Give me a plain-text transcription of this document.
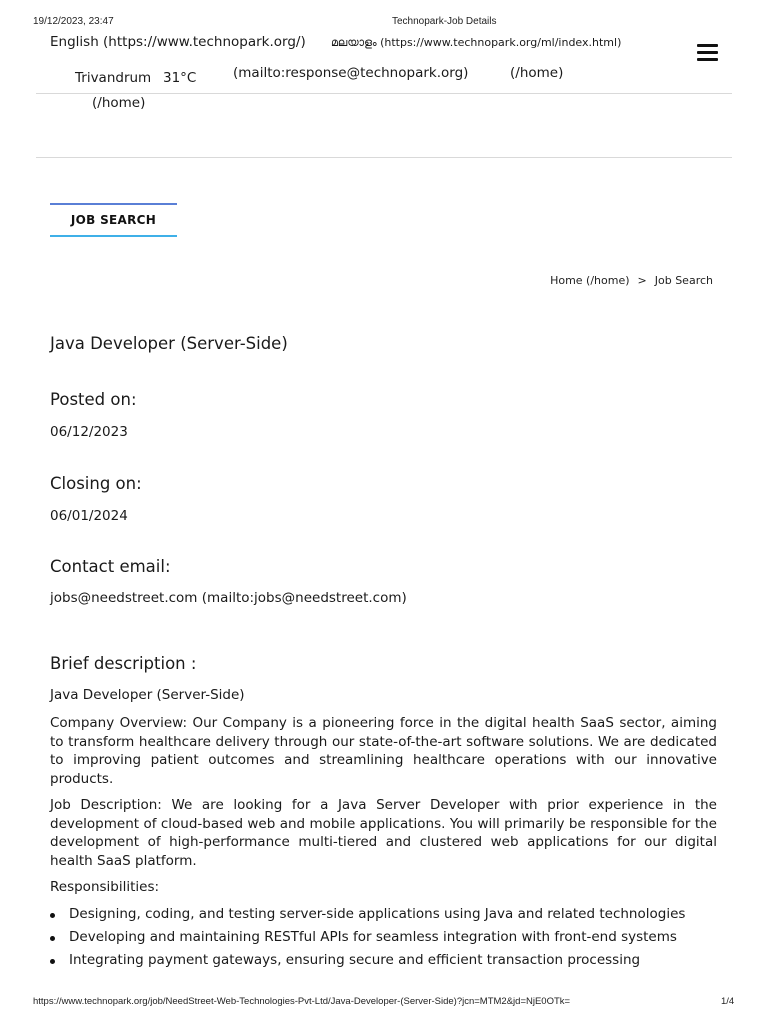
19/12/2023, 23:47	Technopark-Job Details
English (https://www.technopark.org/) മലയാളം (https://www.technopark.org/ml/index.html)
Trivandrum 31°C	(mailto:response@technopark.org)	(/home)
(/home)
JOB SEARCH
Home (/home) > Job Search
Java Developer (Server-Side)
Posted on:
06/12/2023
Closing on:
06/01/2024
Contact email:
jobs@needstreet.com (mailto:jobs@needstreet.com)
Brief description :
Java Developer (Server-Side)

Company Overview: Our Company is a pioneering force in the digital health SaaS sector, aiming to transform healthcare delivery through our state-of-the-art software solutions. We are dedicated to improving patient outcomes and streamlining healthcare operations with our innovative products.

Job Description: We are looking for a Java Server Developer with prior experience in the development of cloud-based web and mobile applications. You will primarily be responsible for the development of high-performance multi-tiered and clustered web applications for our digital health SaaS platform.

Responsibilities:
Designing, coding, and testing server-side applications using Java and related technologies
Developing and maintaining RESTful APIs for seamless integration with front-end systems
Integrating payment gateways, ensuring secure and efficient transaction processing
https://www.technopark.org/job/NeedStreet-Web-Technologies-Pvt-Ltd/Java-Developer-(Server-Side)?jcn=MTM2&jd=NjE0OTk=	1/4
